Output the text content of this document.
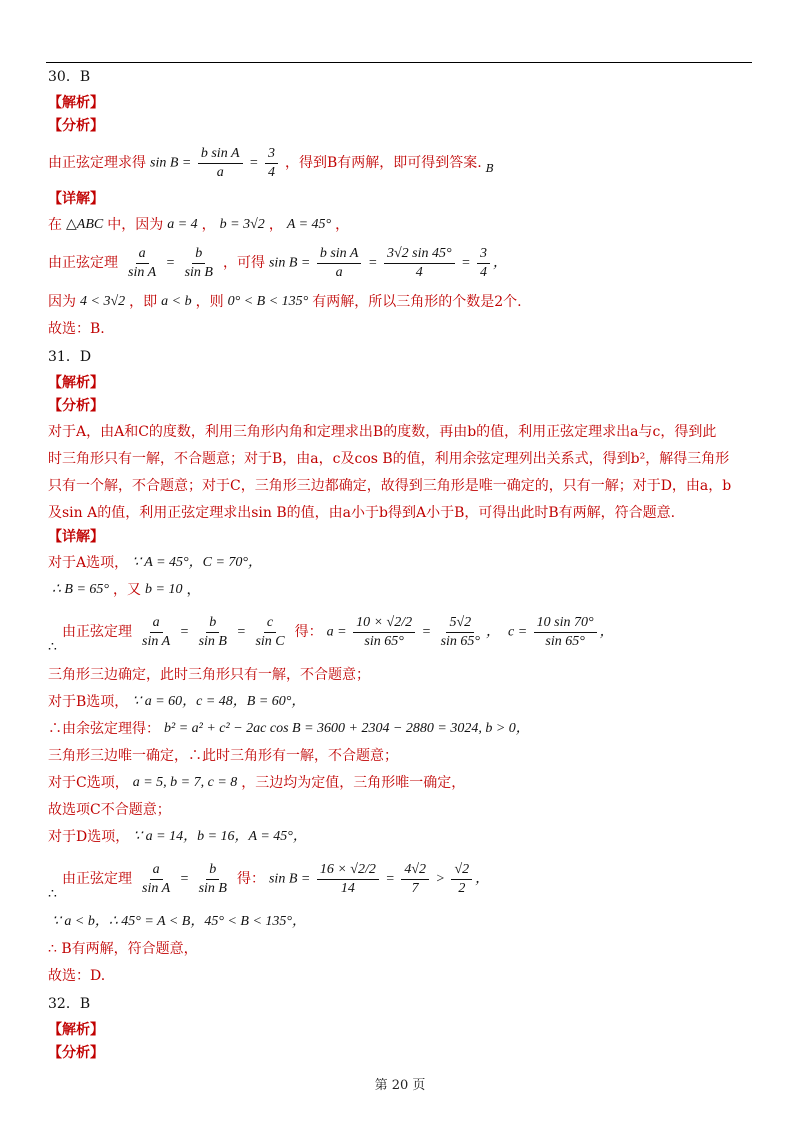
30．B
【解析】
【分析】
由正弦定理求得 $\sin B = \frac{\text{b sin A}}{a} = \frac{3}{4}$ ，得到B有两解，即可得到答案. B
【详解】
在 △ABC 中，因为 a = 4 ， b = 3√2 ， A = 45° ，
由正弦定理 $\frac{a}{\text{sin A}} = \frac{b}{\text{sin B}}$ ，可得 $\sin B = \frac{\text{b sin A}}{a} = \frac{3√2 \sin 45^\circ}{4} = \frac{3}{4}$ ，
因为 4 < 3√2 ，即 a < b ，则 0° < B < 135° 有两解，所以三角形的个数是2个.
故选：B.
31．D
【解析】
【分析】
对于A，由A和C的度数，利用三角形内角和定理求出B的度数，再由b的值，利用正弦定理求出a与c，得到此
时三角形只有一解，不合题意；对于B，由a，c及cos B的值，利用余弦定理列出关系式，得到b²，解得三角形
只有一个解，不合题意；对于C，三角形三边都确定，故得到三角形是唯一确定的，只有一解；对于D，由a，b
及sin A的值，利用正弦定理求出sin B的值，由a小于b得到A小于B，可得出此时B有两解，符合题意.
【详解】
对于A选项， ∵ A = 45°，C = 70°，
∴ B = 65° ，又 b = 10 ，
∴
由正弦定理 $\frac{a}{\text{sin A}} = \frac{b}{\text{sin B}} = \frac{c}{\text{sin C}}$ 得： $a = \frac{10 \times √2/2}{\sin 65^\circ} = \frac{5√2}{\sin 65^\circ}$ ， $c = \frac{10 \sin 70^\circ}{\sin 65^\circ}$ ，
三角形三边确定，此时三角形只有一解，不合题意；
对于B选项， ∵ a = 60，c = 48，B = 60°，
∴由余弦定理得： b² = a² + c² − 2ac cos B = 3600 + 2304 − 2880 = 3024, b > 0，
三角形三边唯一确定，∴此时三角形有一解，不合题意；
对于C选项， a = 5, b = 7, c = 8 ，三边均为定值，三角形唯一确定，
故选项C不合题意；
对于D选项， ∵ a = 14，b = 16，A = 45°，
∴
由正弦定理 $\frac{a}{\text{sin A}} = \frac{b}{\text{sin B}}$ 得： $\sin B = \frac{16 \times √2/2}{14} = \frac{4√2}{7} > \frac{√2}{2}$ ，
∵ a < b，∴ 45° = A < B，45° < B < 135°，
∴ B有两解，符合题意，
故选：D.
32．B
【解析】
【分析】
第 20 页
